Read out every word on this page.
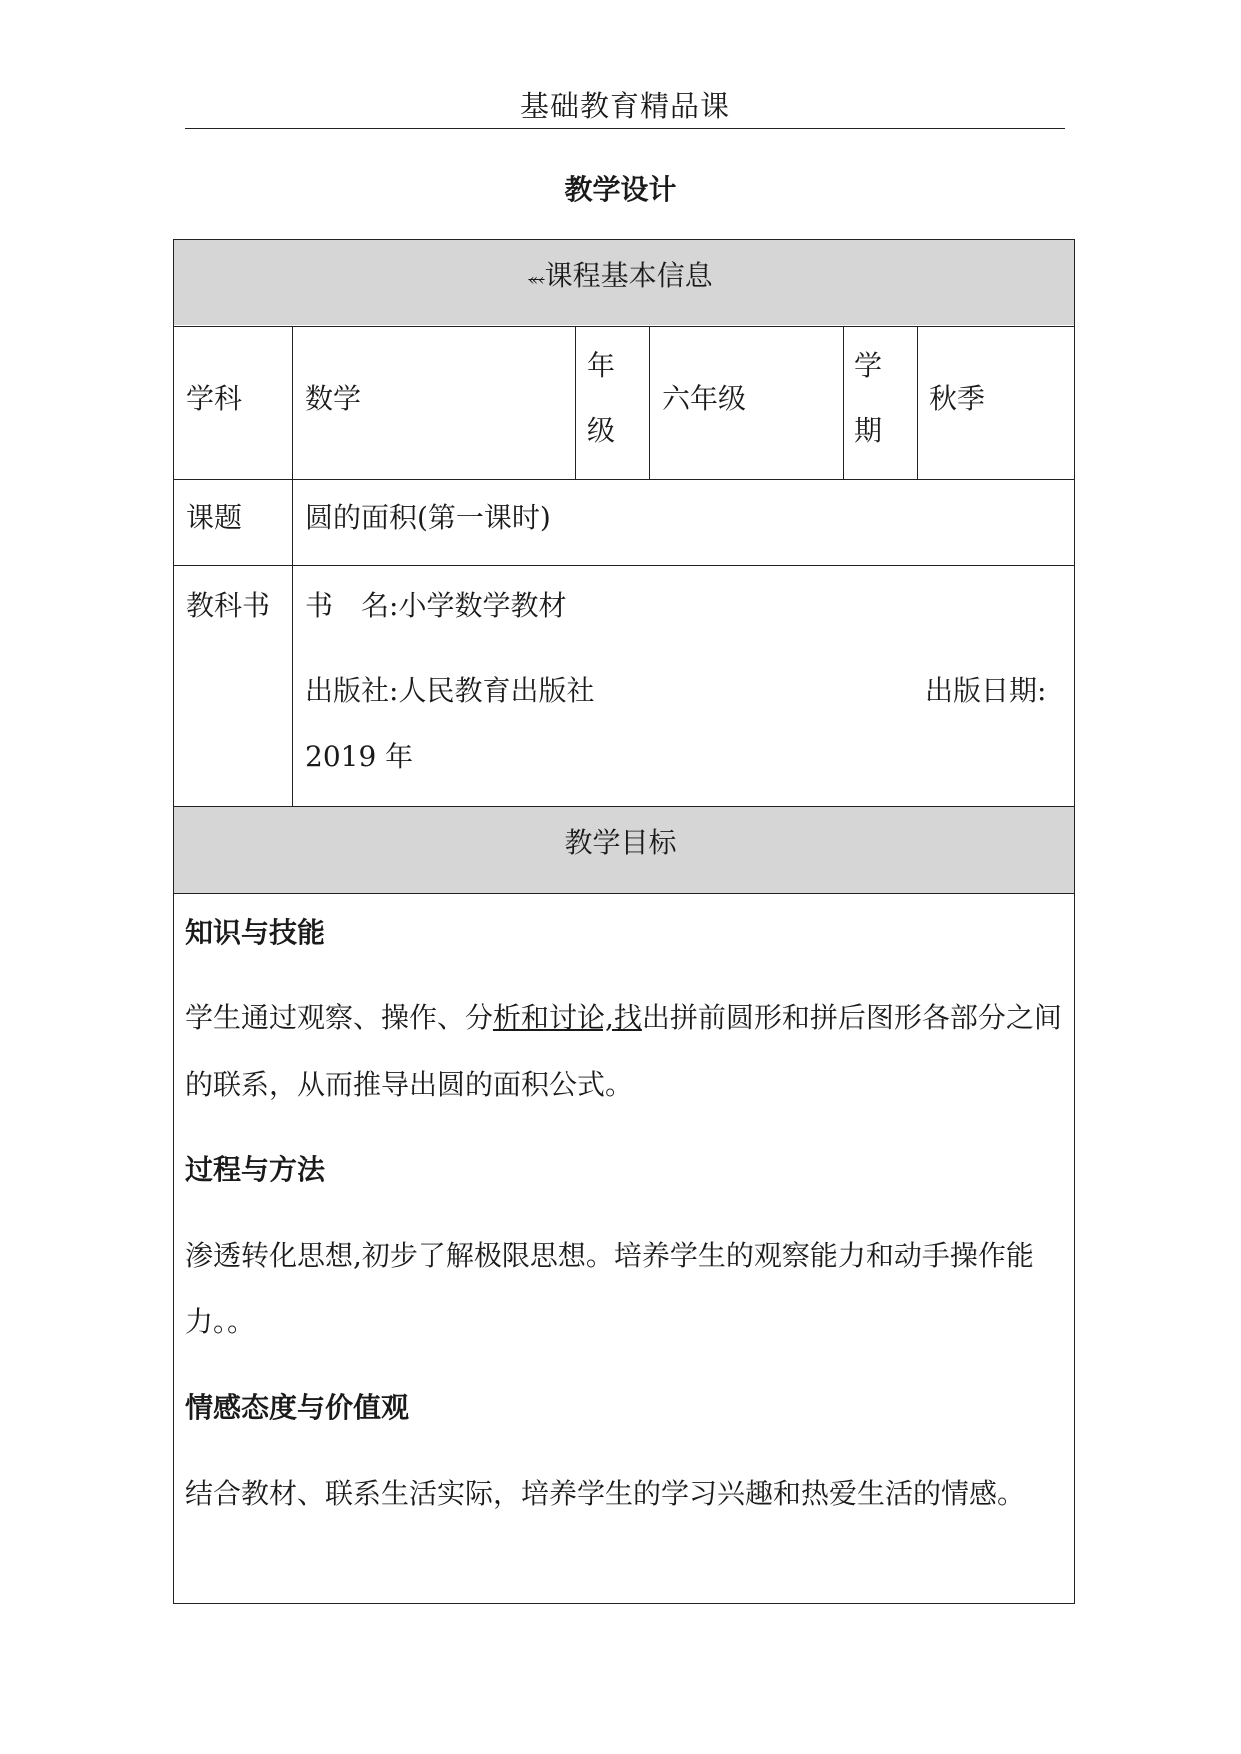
基础教育精品课
教学设计
«‹课程基本信息
学科 数学
年
级
六年级
学
期
秋季
课题 圆的面积(第一课时)
教科书 书　名:小学数学教材
出版社:人民教育出版社	出版日期:
2019 年
教学目标
知识与技能
学生通过观察、操作、分析和讨论,找出拼前圆形和拼后图形各部分之间
的联系，从而推导出圆的面积公式。
过程与方法
渗透转化思想,初步了解极限思想。培养学生的观察能力和动手操作能
力。。
情感态度与价值观
结合教材、联系生活实际，培养学生的学习兴趣和热爱生活的情感。
